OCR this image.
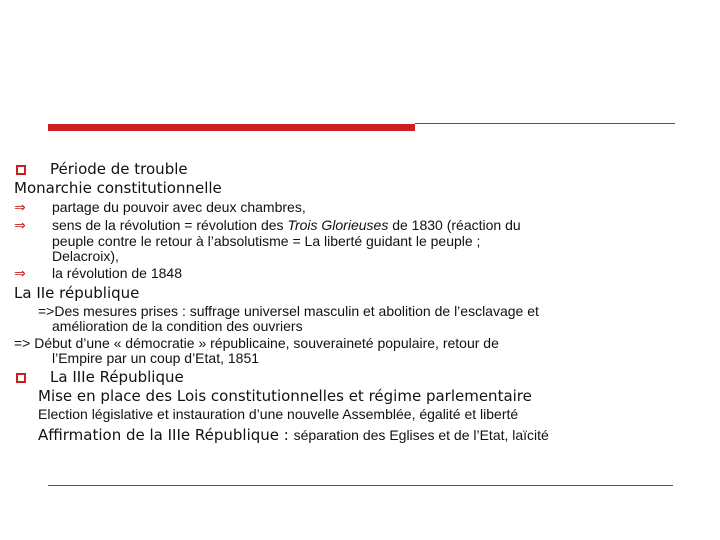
Période de trouble
Monarchie constitutionnelle
⇒ partage du pouvoir avec deux chambres,
⇒ sens de la révolution = révolution des Trois Glorieuses de 1830 (réaction du
peuple contre le retour à l’absolutisme = La liberté guidant le peuple ;
Delacroix),
⇒ la révolution de 1848
La IIe république
=>Des mesures prises : suffrage universel masculin et abolition de l’esclavage et
amélioration de la condition des ouvriers
=> Début d’une « démocratie » républicaine, souveraineté populaire, retour de
l’Empire par un coup d’Etat, 1851
La IIIe République
Mise en place des Lois constitutionnelles et régime parlementaire
Election législative et instauration d’une nouvelle Assemblée, égalité et liberté
Affirmation de la IIIe République : séparation des Eglises et de l’Etat, laïcité
